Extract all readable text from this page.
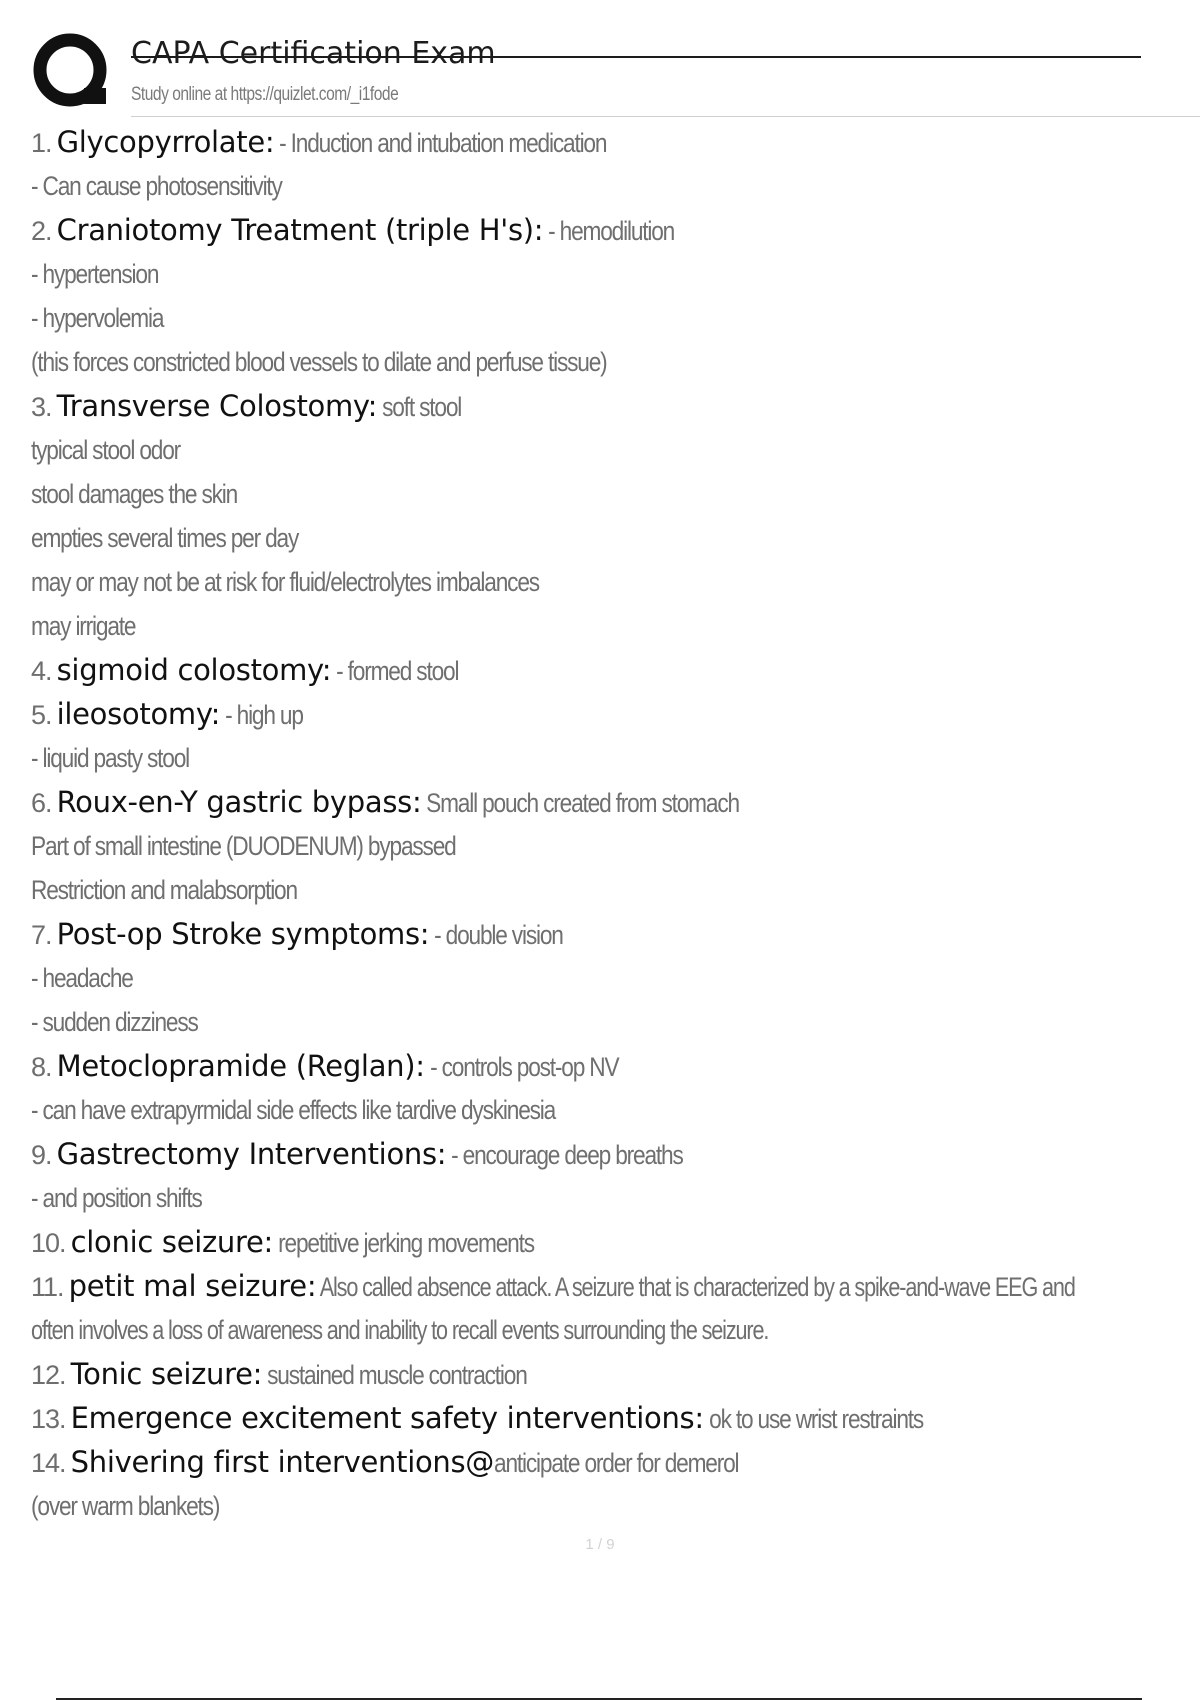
CAPA Certification Exam
Study online at https://quizlet.com/_i1fode
1. Glycopyrrolate: - Induction and intubation medication
- Can cause photosensitivity
2. Craniotomy Treatment (triple H's): - hemodilution
- hypertension
- hypervolemia
(this forces constricted blood vessels to dilate and perfuse tissue)
3. Transverse Colostomy: soft stool
typical stool odor
stool damages the skin
empties several times per day
may or may not be at risk for fluid/electrolytes imbalances
may irrigate
4. sigmoid colostomy: - formed stool
5. ileosotomy: - high up
- liquid pasty stool
6. Roux-en-Y gastric bypass: Small pouch created from stomach
Part of small intestine (DUODENUM) bypassed
Restriction and malabsorption
7. Post-op Stroke symptoms: - double vision
- headache
- sudden dizziness
8. Metoclopramide (Reglan): - controls post-op NV
- can have extrapyrmidal side effects like tardive dyskinesia
9. Gastrectomy Interventions: - encourage deep breaths
- and position shifts
10. clonic seizure: repetitive jerking movements
11. petit mal seizure: Also called absence attack. A seizure that is characterized by a spike-and-wave EEG and
often involves a loss of awareness and inability to recall events surrounding the seizure.
12. Tonic seizure: sustained muscle contraction
13. Emergence excitement safety interventions: ok to use wrist restraints
14. Shivering first interventions@anticipate order for demerol
(over warm blankets)
1 / 9
